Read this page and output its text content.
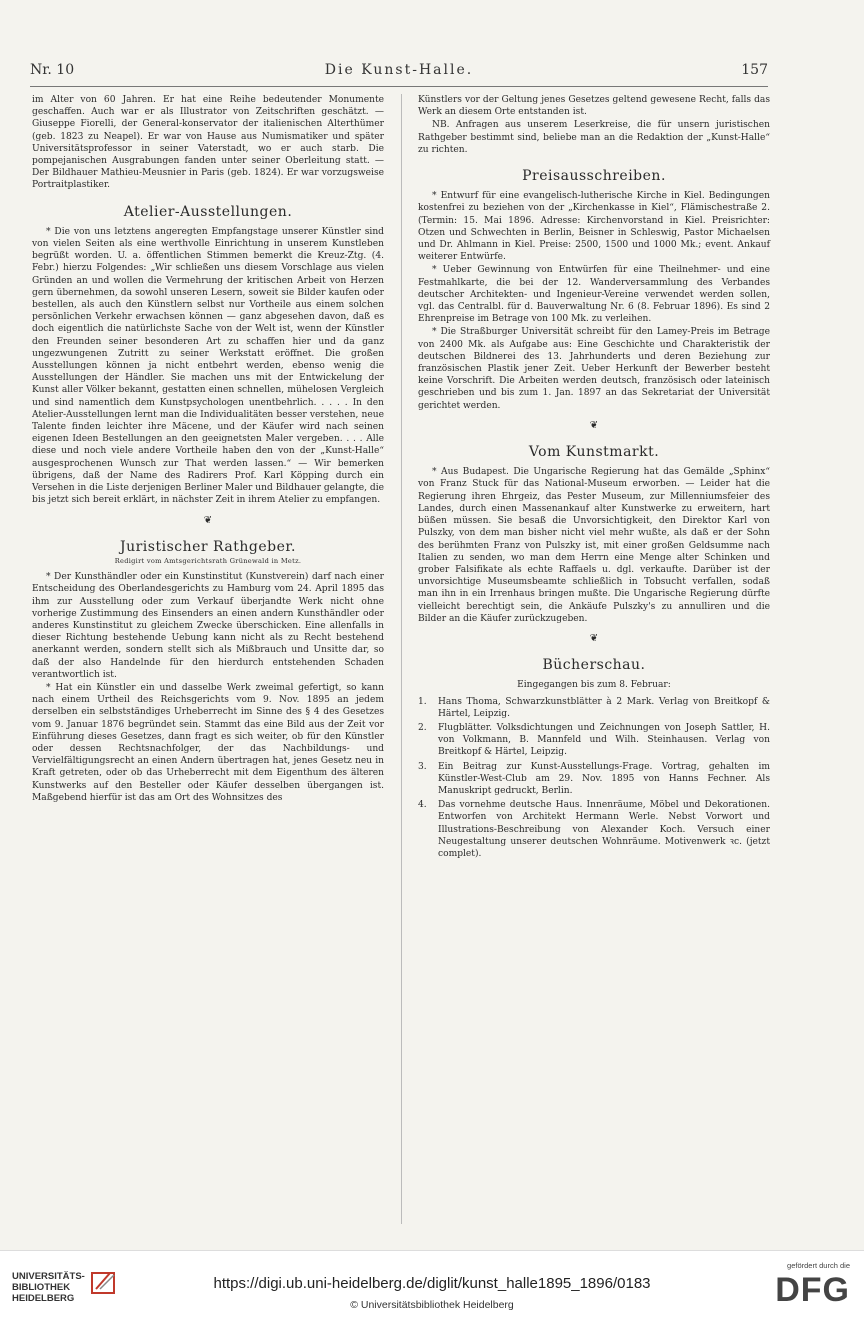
Nr. 10	Die Kunst-Halle.	157

im Alter von 60 Jahren. Er hat eine Reihe bedeutender Monumente geschaffen. Auch war er als Illustrator von Zeitschriften geschätzt. — Giuseppe Fiorelli, der General-konservator der italienischen Alterthümer (geb. 1823 zu Neapel). Er war von Hause aus Numismatiker und später Universitätsprofessor in seiner Vaterstadt, wo er auch starb. Die pompejanischen Ausgrabungen fanden unter seiner Oberleitung statt. — Der Bildhauer Mathieu-Meusnier in Paris (geb. 1824). Er war vorzugsweise Portraitplastiker.

Atelier-Ausstellungen.

* Die von uns letztens angeregten Empfangstage unserer Künstler sind von vielen Seiten als eine werthvolle Einrichtung in unserem Kunstleben begrüßt worden. U. a. öffentlichen Stimmen bemerkt die Kreuz-Ztg. (4. Febr.) hierzu Folgendes: „Wir schließen uns diesem Vorschlage aus vielen Gründen an und wollen die Vermehrung der kritischen Arbeit von Herzen gern übernehmen, da sowohl unseren Lesern, soweit sie Bilder kaufen oder bestellen, als auch den Künstlern selbst nur Vortheile aus einem solchen persönlichen Verkehr erwachsen können — ganz abgesehen davon, daß es doch eigentlich die natürlichste Sache von der Welt ist, wenn der Künstler den Freunden seiner besonderen Art zu schaffen hier und da ganz ungezwungenen Zutritt zu seiner Werkstatt eröffnet. Die großen Ausstellungen können ja nicht entbehrt werden, ebenso wenig die Ausstellungen der Händler. Sie machen uns mit der Entwickelung der Kunst aller Völker bekannt, gestatten einen schnellen, mühelosen Vergleich und sind namentlich dem Kunstpsychologen unentbehrlich. . . . . In den Atelier-Ausstellungen lernt man die Individualitäten besser verstehen, neue Talente finden leichter ihre Mäcene, und der Käufer wird nach seinen eigenen Ideen Bestellungen an den geeignetsten Maler vergeben. . . . Alle diese und noch viele andere Vortheile haben den von der „Kunst-Halle“ ausgesprochenen Wunsch zur That werden lassen.“ — Wir bemerken übrigens, daß der Name des Radirers Prof. Karl Köpping durch ein Versehen in die Liste derjenigen Berliner Maler und Bildhauer gelangte, die bis jetzt sich bereit erklärt, in nächster Zeit in ihrem Atelier zu empfangen.

❦
Juristischer Rathgeber.
Redigirt vom Amtsgerichtsrath Grünewald in Metz.

* Der Kunsthändler oder ein Kunstinstitut (Kunstverein) darf nach einer Entscheidung des Oberlandesgerichts zu Hamburg vom 24. April 1895 das ihm zur Ausstellung oder zum Verkauf überjandte Werk nicht ohne vorherige Zustimmung des Einsenders an einen andern Kunsthändler oder anderes Kunstinstitut zu gleichem Zwecke überschicken. Eine allenfalls in dieser Richtung bestehende Uebung kann nicht als zu Recht bestehend anerkannt werden, sondern stellt sich als Mißbrauch und Unsitte dar, so daß der also Handelnde für den hierdurch entstehenden Schaden verantwortlich ist.

* Hat ein Künstler ein und dasselbe Werk zweimal gefertigt, so kann nach einem Urtheil des Reichsgerichts vom 9. Nov. 1895 an jedem derselben ein selbstständiges Urheberrecht im Sinne des § 4 des Gesetzes vom 9. Januar 1876 begründet sein. Stammt das eine Bild aus der Zeit vor Einführung dieses Gesetzes, dann fragt es sich weiter, ob für den Künstler oder dessen Rechtsnachfolger, der das Nachbildungs- und Vervielfältigungsrecht an einen Andern übertragen hat, jenes Gesetz neu in Kraft getreten, oder ob das Urheberrecht mit dem Eigenthum des älteren Kunstwerks auf den Besteller oder Käufer desselben übergangen ist. Maßgebend hierfür ist das am Ort des Wohnsitzes des

Künstlers vor der Geltung jenes Gesetzes geltend gewesene Recht, falls das Werk an diesem Orte entstanden ist.

NB. Anfragen aus unserem Leserkreise, die für unsern juristischen Rathgeber bestimmt sind, beliebe man an die Redaktion der „Kunst-Halle“ zu richten.

Preisausschreiben.

* Entwurf für eine evangelisch-lutherische Kirche in Kiel. Bedingungen kostenfrei zu beziehen von der „Kirchenkasse in Kiel“, Flämischestraße 2. (Termin: 15. Mai 1896. Adresse: Kirchenvorstand in Kiel. Preisrichter: Otzen und Schwechten in Berlin, Beisner in Schleswig, Pastor Michaelsen und Dr. Ahlmann in Kiel. Preise: 2500, 1500 und 1000 Mk.; event. Ankauf weiterer Entwürfe.

* Ueber Gewinnung von Entwürfen für eine Theilnehmer- und eine Festmahlkarte, die bei der 12. Wanderversammlung des Verbandes deutscher Architekten- und Ingenieur-Vereine verwendet werden sollen, vgl. das Centralbl. für d. Bauverwaltung Nr. 6 (8. Februar 1896). Es sind 2 Ehrenpreise im Betrage von 100 Mk. zu verleihen.

* Die Straßburger Universität schreibt für den Lamey-Preis im Betrage von 2400 Mk. als Aufgabe aus: Eine Geschichte und Charakteristik der deutschen Bildnerei des 13. Jahrhunderts und deren Beziehung zur französischen Plastik jener Zeit. Ueber Herkunft der Bewerber besteht keine Vorschrift. Die Arbeiten werden deutsch, französisch oder lateinisch geschrieben und bis zum 1. Jan. 1897 an das Sekretariat der Universität gerichtet werden.

❦
Vom Kunstmarkt.

* Aus Budapest. Die Ungarische Regierung hat das Gemälde „Sphinx“ von Franz Stuck für das National-Museum erworben. — Leider hat die Regierung ihren Ehrgeiz, das Pester Museum, zur Millenniumsfeier des Landes, durch einen Massenankauf alter Kunstwerke zu erweitern, hart büßen müssen. Sie besaß die Unvorsichtigkeit, den Direktor Karl von Pulszky, von dem man bisher nicht viel mehr wußte, als daß er der Sohn des berühmten Franz von Pulszky ist, mit einer großen Geldsumme nach Italien zu senden, wo man dem Herrn eine Menge alter Schinken und grober Falsifikate als echte Raffaels u. dgl. verkaufte. Darüber ist der unvorsichtige Museumsbeamte schließlich in Tobsucht verfallen, sodaß man ihn in ein Irrenhaus bringen mußte. Die Ungarische Regierung dürfte vielleicht berechtigt sein, die Ankäufe Pulszky's zu annulliren und die Bilder an die Käufer zurückzugeben.

❦
Bücherschau.
Eingegangen bis zum 8. Februar:
1. Hans Thoma, Schwarzkunstblätter à 2 Mark. Verlag von Breitkopf & Härtel, Leipzig.
2. Flugblätter. Volksdichtungen und Zeichnungen von Joseph Sattler, H. von Volkmann, B. Mannfeld und Wilh. Steinhausen. Verlag von Breitkopf & Härtel, Leipzig.
3. Ein Beitrag zur Kunst-Ausstellungs-Frage. Vortrag, gehalten im Künstler-West-Club am 29. Nov. 1895 von Hanns Fechner. Als Manuskript gedruckt, Berlin.
4. Das vornehme deutsche Haus. Innenräume, Möbel und Dekorationen. Entworfen von Architekt Hermann Werle. Nebst Vorwort und Illustrations-Beschreibung von Alexander Koch. Versuch einer Neugestaltung unserer deutschen Wohnräume. Motivenwerk ꝛc. (jetzt complet).
UNIVERSITÄTS-
BIBLIOTHEK
HEIDELBERG
https://digi.ub.uni-heidelberg.de/diglit/kunst_halle1895_1896/0183
© Universitätsbibliothek Heidelberg
gefördert durch die
DFG
